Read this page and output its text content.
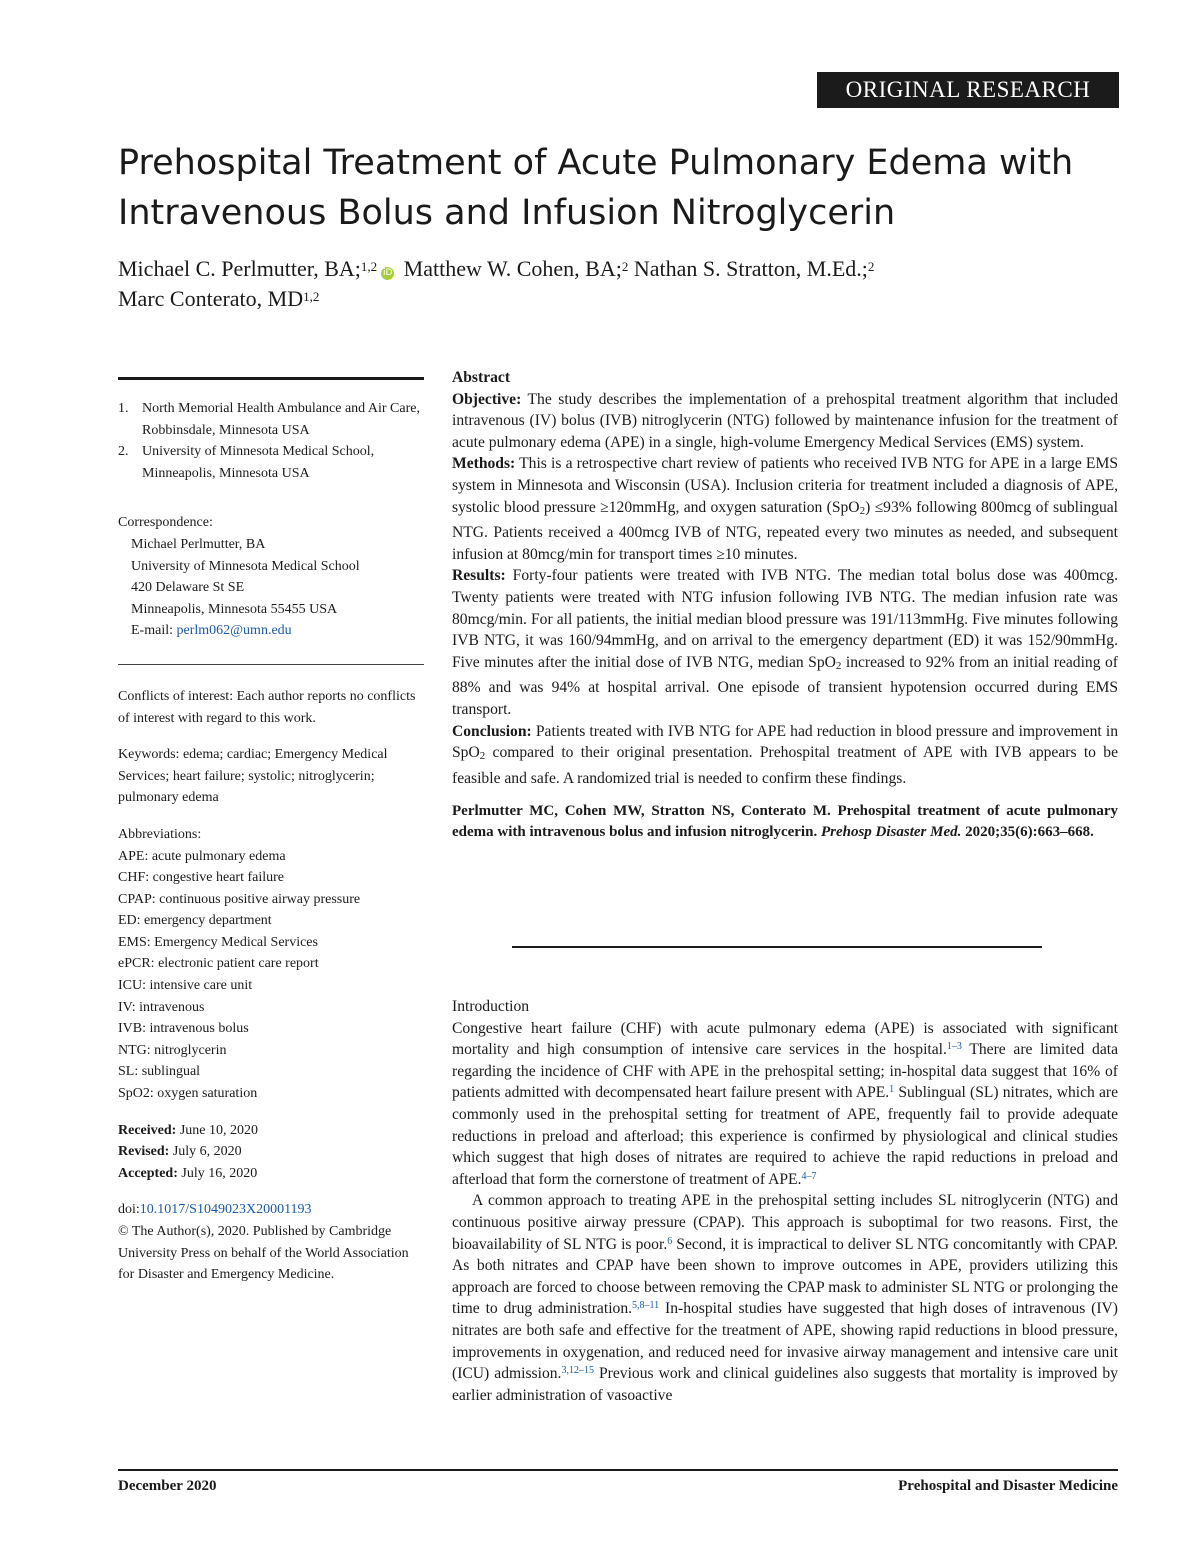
ORIGINAL RESEARCH
Prehospital Treatment of Acute Pulmonary Edema with Intravenous Bolus and Infusion Nitroglycerin
Michael C. Perlmutter, BA;$^{1,2}$ iD Matthew W. Cohen, BA;$^2$ Nathan S. Stratton, M.Ed.;$^2$
Marc Conterato, MD$^{1,2}$
1. North Memorial Health Ambulance and Air Care, Robbinsdale, Minnesota USA
2. University of Minnesota Medical School, Minneapolis, Minnesota USA

Correspondence:

Michael Perlmutter, BA

University of Minnesota Medical School

420 Delaware St SE

Minneapolis, Minnesota 55455 USA

E-mail: perlm062@umn.edu

Conflicts of interest: Each author reports no conflicts of interest with regard to this work.

Keywords: edema; cardiac; Emergency Medical Services; heart failure; systolic; nitroglycerin; pulmonary edema

Abbreviations:

APE: acute pulmonary edema

CHF: congestive heart failure

CPAP: continuous positive airway pressure

ED: emergency department

EMS: Emergency Medical Services

ePCR: electronic patient care report

ICU: intensive care unit

IV: intravenous

IVB: intravenous bolus

NTG: nitroglycerin

SL: sublingual

SpO2: oxygen saturation

Received: June 10, 2020

Revised: July 6, 2020

Accepted: July 16, 2020

doi:10.1017/S1049023X20001193

© The Author(s), 2020. Published by Cambridge University Press on behalf of the World Association for Disaster and Emergency Medicine.

Abstract

Objective: The study describes the implementation of a prehospital treatment algorithm that included intravenous (IV) bolus (IVB) nitroglycerin (NTG) followed by maintenance infusion for the treatment of acute pulmonary edema (APE) in a single, high-volume Emergency Medical Services (EMS) system.

Methods: This is a retrospective chart review of patients who received IVB NTG for APE in a large EMS system in Minnesota and Wisconsin (USA). Inclusion criteria for treatment included a diagnosis of APE, systolic blood pressure ≥120mmHg, and oxygen saturation (SpO2) ≤93% following 800mcg of sublingual NTG. Patients received a 400mcg IVB of NTG, repeated every two minutes as needed, and subsequent infusion at 80mcg/min for transport times ≥10 minutes.

Results: Forty-four patients were treated with IVB NTG. The median total bolus dose was 400mcg. Twenty patients were treated with NTG infusion following IVB NTG. The median infusion rate was 80mcg/min. For all patients, the initial median blood pressure was 191/113mmHg. Five minutes following IVB NTG, it was 160/94mmHg, and on arrival to the emergency department (ED) it was 152/90mmHg. Five minutes after the initial dose of IVB NTG, median SpO2 increased to 92% from an initial reading of 88% and was 94% at hospital arrival. One episode of transient hypotension occurred during EMS transport.

Conclusion: Patients treated with IVB NTG for APE had reduction in blood pressure and improvement in SpO2 compared to their original presentation. Prehospital treatment of APE with IVB appears to be feasible and safe. A randomized trial is needed to confirm these findings.

Perlmutter MC, Cohen MW, Stratton NS, Conterato M. Prehospital treatment of acute pulmonary edema with intravenous bolus and infusion nitroglycerin. Prehosp Disaster Med. 2020;35(6):663–668.

Introduction

Congestive heart failure (CHF) with acute pulmonary edema (APE) is associated with significant mortality and high consumption of intensive care services in the hospital.$^{1-3}$ There are limited data regarding the incidence of CHF with APE in the prehospital setting; in-hospital data suggest that 16% of patients admitted with decompensated heart failure present with APE.$^1$ Sublingual (SL) nitrates, which are commonly used in the prehospital setting for treatment of APE, frequently fail to provide adequate reductions in preload and afterload; this experience is confirmed by physiological and clinical studies which suggest that high doses of nitrates are required to achieve the rapid reductions in preload and afterload that form the cornerstone of treatment of APE.$^{4-7}$

A common approach to treating APE in the prehospital setting includes SL nitroglycerin (NTG) and continuous positive airway pressure (CPAP). This approach is suboptimal for two reasons. First, the bioavailability of SL NTG is poor.$^6$ Second, it is impractical to deliver SL NTG concomitantly with CPAP. As both nitrates and CPAP have been shown to improve outcomes in APE, providers utilizing this approach are forced to choose between removing the CPAP mask to administer SL NTG or prolonging the time to drug administration.$^{5,8-11}$ In-hospital studies have suggested that high doses of intravenous (IV) nitrates are both safe and effective for the treatment of APE, showing rapid reductions in blood pressure, improvements in oxygenation, and reduced need for invasive airway management and intensive care unit (ICU) admission.$^{3,12-15}$ Previous work and clinical guidelines also suggests that mortality is improved by earlier administration of vasoactive

December 2020	Prehospital and Disaster Medicine
